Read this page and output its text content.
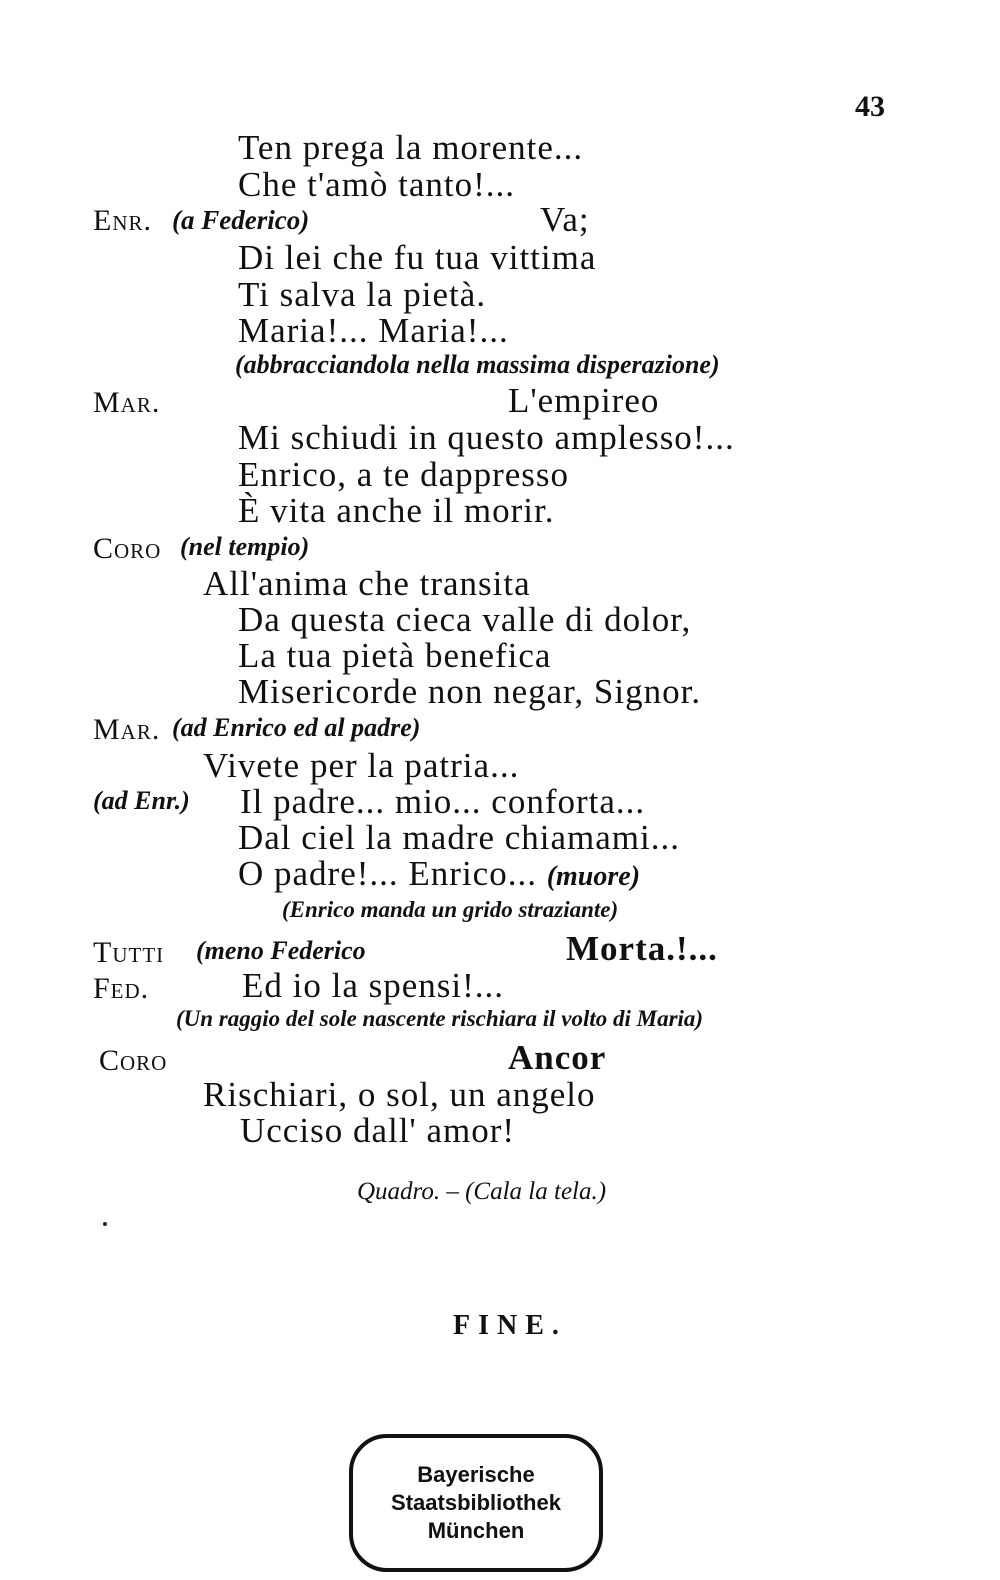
43
Ten prega la morente...
Che t'amò tanto!...
Enr. (a Federico)	Va;
Di lei che fu tua vittima
Ti salva la pietà.
Maria!... Maria!...
(abbracciandola nella massima disperazione)
Mar.	L'empireo
Mi schiudi in questo amplesso!...
Enrico, a te dappresso
È vita anche il morir.
Coro (nel tempio)
All'anima che transita
Da questa cieca valle di dolor,
La tua pietà benefica
Misericorde non negar, Signor.
Mar. (ad Enrico ed al padre)
Vivete per la patria...
(ad Enr.) Il padre... mio... conforta...
Dal ciel la madre chiamami...
O padre!... Enrico... (muore)
(Enrico manda un grido straziante)
Tutti (meno Federico	Morta.!...
Fed.	Ed io la spensi!...
(Un raggio del sole nascente rischiara il volto di Maria)
Coro	Ancor
Rischiari, o sol, un angelo
Ucciso dall' amor!
Quadro. – (Cala la tela.)
FINE.
Bayerische
Staatsbibliothek
München
